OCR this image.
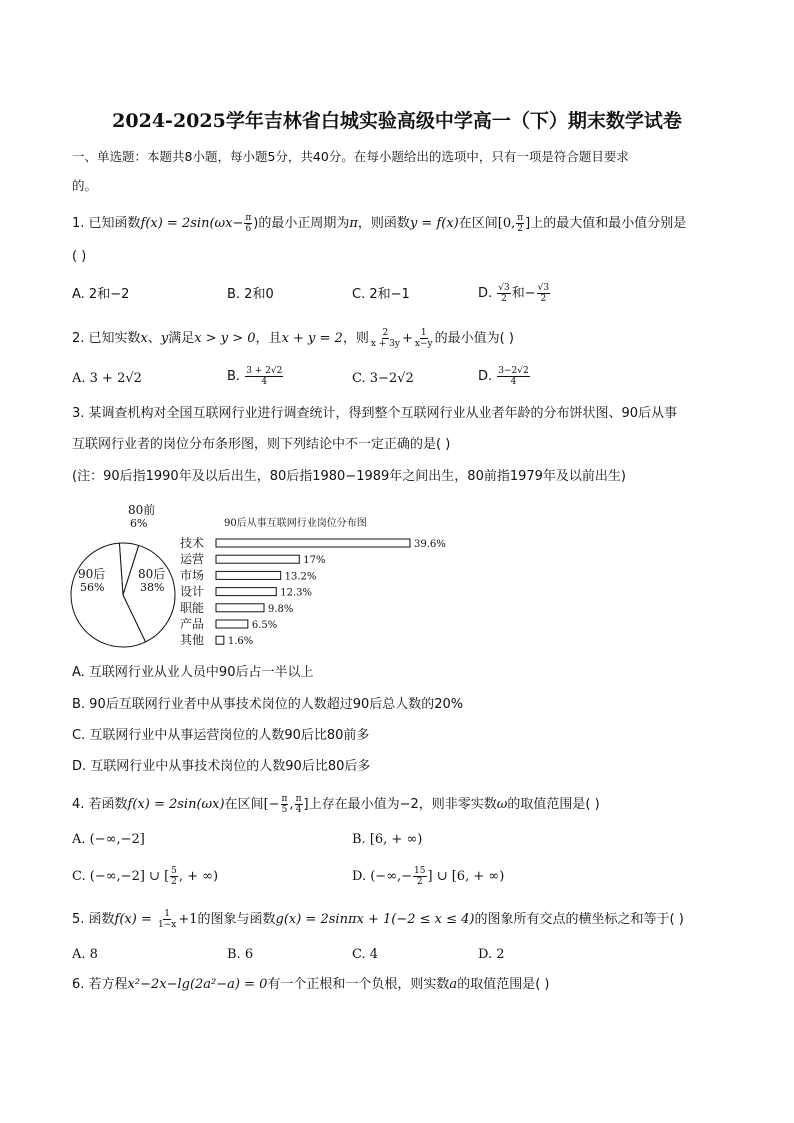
2024-2025学年吉林省白城实验高级中学高一（下）期末数学试卷
一、单选题：本题共8小题，每小题5分，共40分。在每小题给出的选项中，只有一项是符合题目要求
的。
1. 已知函数$f(x) = 2\sin(\omega x- \frac{\pi}{6}$ )的最小正周期为π，则函数y = f(x)在区间[0, $\frac{\pi}{2}$ ]上的最大值和最小值分别是
( )
A. 2和−2	B. 2和0	C. 2和−1	D. $\frac{√3}{2}$ 和− $\frac{√3}{2}$
2. 已知实数x、y满足x > y > 0，且x + y = 2，则 $\frac{2}{x + 3y} + \frac{1}{x-y}$ 的最小值为( )
A. 3 + 2√2	B. $\frac{3 + 2√2}{4}$	C. 3−2√2	D. $\frac{3-2√2}{4}$
3. 某调查机构对全国互联网行业进行调查统计，得到整个互联网行业从业者年龄的分布饼状图、90后从事
互联网行业者的岗位分布条形图，则下列结论中不一定正确的是( )
(注：90后指1990年及以后出生，80后指1980−1989年之间出生，80前指1979年及以前出生)
90后
56%
80后
38%
80前
6%	90后从事互联网行业岗位分布图
技术	39.6%
运营	17%
市场	13.2%
设计	12.3%
职能	9.8%
产品	6.5%
其他 1.6%
A. 互联网行业从业人员中90后占一半以上
B. 90后互联网行业者中从事技术岗位的人数超过90后总人数的20%
C. 互联网行业中从事运营岗位的人数90后比80前多
D. 互联网行业中从事技术岗位的人数90后比80后多
4. 若函数f(x) = 2sin(ωx)在区间[− $\frac{\pi}{5}$ , $\frac{\pi}{4}$ ]上存在最小值为−2，则非零实数ω的取值范围是( )
A. (−∞,−2]	B. [6, + ∞)
C. (−∞,−2] ∪ [ $\frac{5}{2}$ , + ∞)	D. (−∞,− $\frac{15}{2}$ ] ∪ [6, + ∞)
5. 函数$f(x) = \frac{1}{1-x} +1$的图象与函数g(x) = 2sinπx + 1(−2 ≤ x ≤ 4)的图象所有交点的横坐标之和等于( )
A. 8	B. 6	C. 4	D. 2
6. 若方程x²−2x−lg(2a²−a) = 0有一个正根和一个负根，则实数a的取值范围是( )
